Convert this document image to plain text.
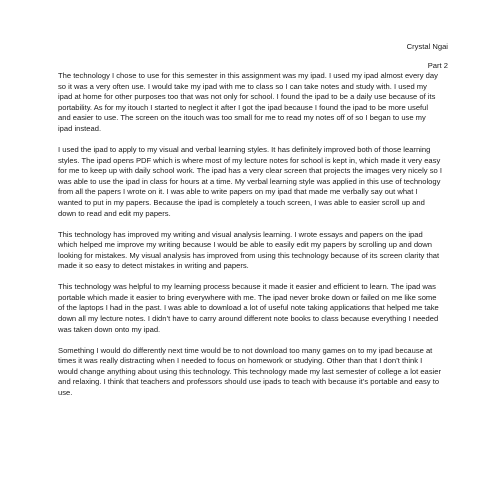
Crystal Ngai
Part 2

The technology I chose to use for this semester in this assignment was my ipad. I used my ipad almost every day so it was a very often use. I would take my ipad with me to class so I can take notes and study with. I used my ipad at home for other purposes too that was not only for school. I found the ipad to be a daily use because of its portability. As for my itouch I started to neglect it after I got the ipad because I found the ipad to be more useful and easier to use. The screen on the itouch was too small for me to read my notes off of so I began to use my ipad instead.

I used the ipad to apply to my visual and verbal learning styles. It has definitely improved both of those learning styles. The ipad opens PDF which is where most of my lecture notes for school is kept in, which made it very easy for me to keep up with daily school work. The ipad has a very clear screen that projects the images very nicely so I was able to use the ipad in class for hours at a time. My verbal learning style was applied in this use of technology from all the papers I wrote on it. I was able to write papers on my ipad that made me verbally say out what I wanted to put in my papers. Because the ipad is completely a touch screen, I was able to easier scroll up and down to read and edit my papers.

This technology has improved my writing and visual analysis learning. I wrote essays and papers on the ipad which helped me improve my writing because I would be able to easily edit my papers by scrolling up and down looking for mistakes. My visual analysis has improved from using this technology because of its screen clarity that made it so easy to detect mistakes in writing and papers.

This technology was helpful to my learning process because it made it easier and efficient to learn. The ipad was portable which made it easier to bring everywhere with me. The ipad never broke down or failed on me like some of the laptops I had in the past. I was able to download a lot of useful note taking applications that helped me take down all my lecture notes. I didn’t have to carry around different note books to class because everything I needed was taken down onto my ipad.

Something I would do differently next time would be to not download too many games on to my ipad because at times it was really distracting when I needed to focus on homework or studying. Other than that I don’t think I would change anything about using this technology. This technology made my last semester of college a lot easier and relaxing. I think that teachers and professors should use ipads to teach with because it’s portable and easy to use.
